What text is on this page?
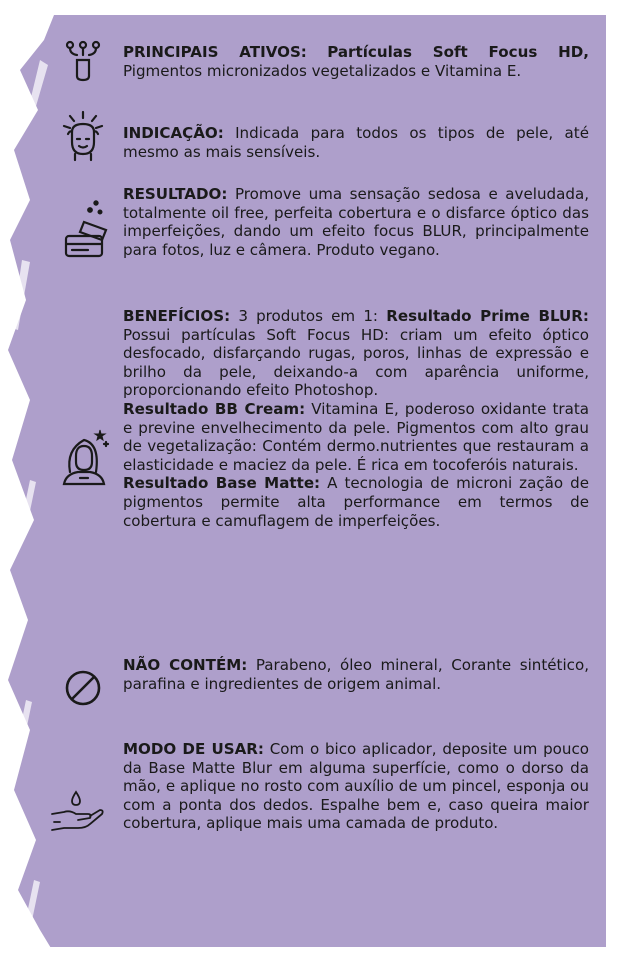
PRINCIPAIS ATIVOS: Partículas Soft Focus HD, Pigmentos micronizados vegetalizados e Vitamina E.

INDICAÇÃO: Indicada para todos os tipos de pele, até mesmo as mais sensíveis.

RESULTADO: Promove uma sensação sedosa e aveludada, totalmente oil free, perfeita cobertura e o disfarce óptico das imperfeições, dando um efeito focus BLUR, principalmente para fotos, luz e câmera. Produto vegano.

BENEFÍCIOS: 3 produtos em 1: Resultado Prime BLUR: Possui partículas Soft Focus HD: criam um efeito óptico desfocado, disfarçando rugas, poros, linhas de expressão e brilho da pele, deixando-a com aparência uniforme, proporcionando efeito Photoshop.

Resultado BB Cream: Vitamina E, poderoso oxidante trata e previne envelhecimento da pele. Pigmentos com alto grau de vegetalização: Contém dermo.nutrientes que restauram a elasticidade e maciez da pele. É rica em tocoferóis naturais.

Resultado Base Matte: A tecnologia de microni zação de pigmentos permite alta performance em termos de cobertura e camuflagem de imperfeições.

NÃO CONTÉM: Parabeno, óleo mineral, Corante sintético, parafina e ingredientes de origem animal.

MODO DE USAR: Com o bico aplicador, deposite um pouco da Base Matte Blur em alguma superfície, como o dorso da mão, e aplique no rosto com auxílio de um pincel, esponja ou com a ponta dos dedos. Espalhe bem e, caso queira maior cobertura, aplique mais uma camada de produto.
